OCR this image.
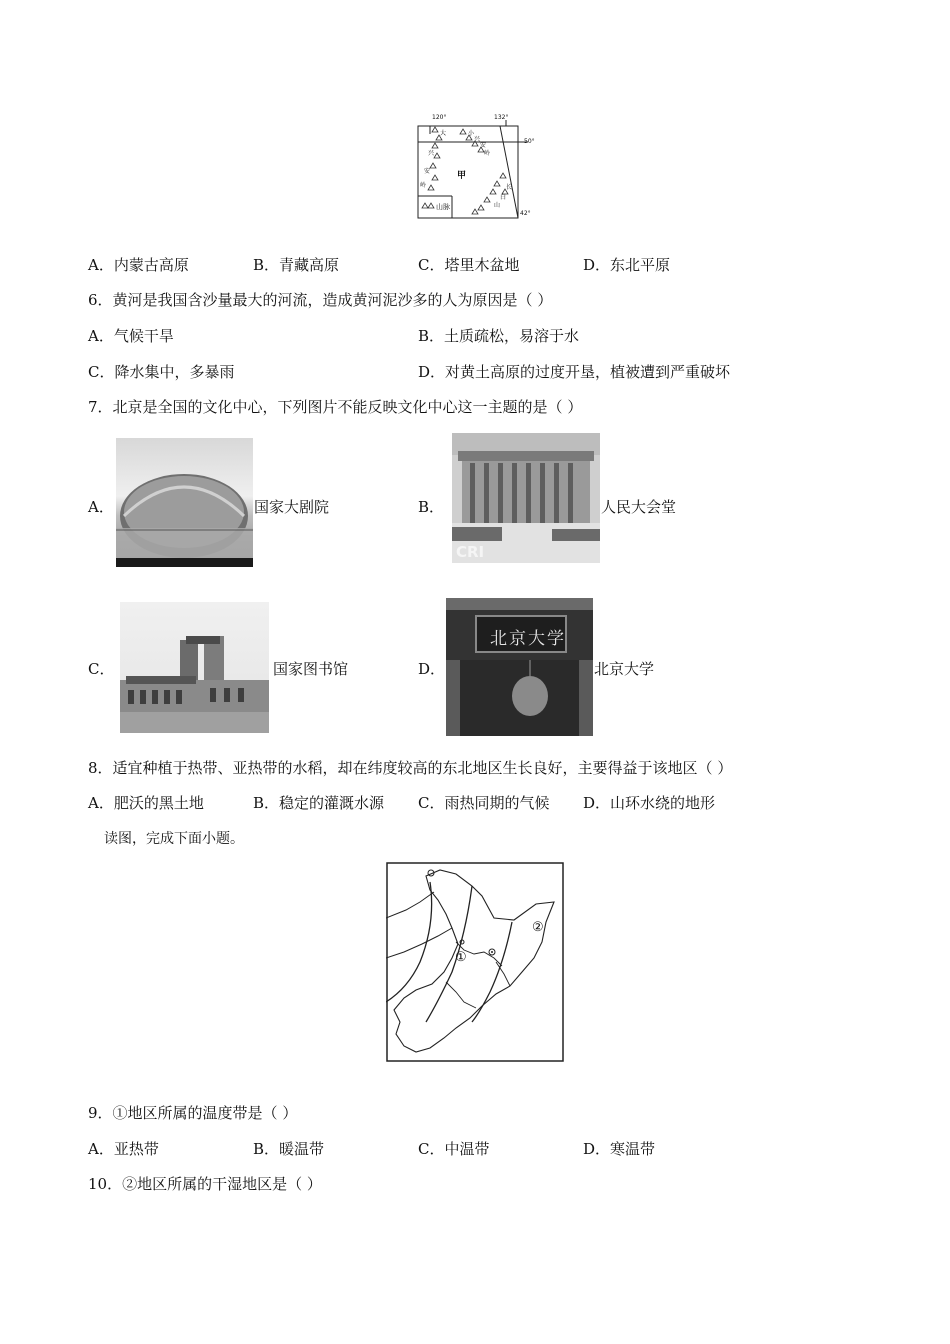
120°	132°
50°
42°
甲
山脉
大
兴
安
岭
小
兴
安
岭
长
白
山
A．内蒙古高原	B．青藏高原	C．塔里木盆地	D．东北平原
6．黄河是我国含沙量最大的河流，造成黄河泥沙多的人为原因是（ ）
A．气候干旱	B．土质疏松，易溶于水
C．降水集中，多暴雨	D．对黄土高原的过度开垦，植被遭到严重破坏
7．北京是全国的文化中心，下列图片不能反映文化中心这一主题的是（ ）
A．	国家大剧院	B．
CRI
人民大会堂
C．	国家图书馆	D．
北京大学
北京大学
8．适宜种植于热带、亚热带的水稻，却在纬度较高的东北地区生长良好，主要得益于该地区（ ）
A．肥沃的黑土地	B．稳定的灌溉水源 C．雨热同期的气候 D．山环水绕的地形
读图，完成下面小题。
①
②
9．①地区所属的温度带是（ ）
A．亚热带	B．暖温带	C．中温带	D．寒温带
10．②地区所属的干湿地区是（ ）
